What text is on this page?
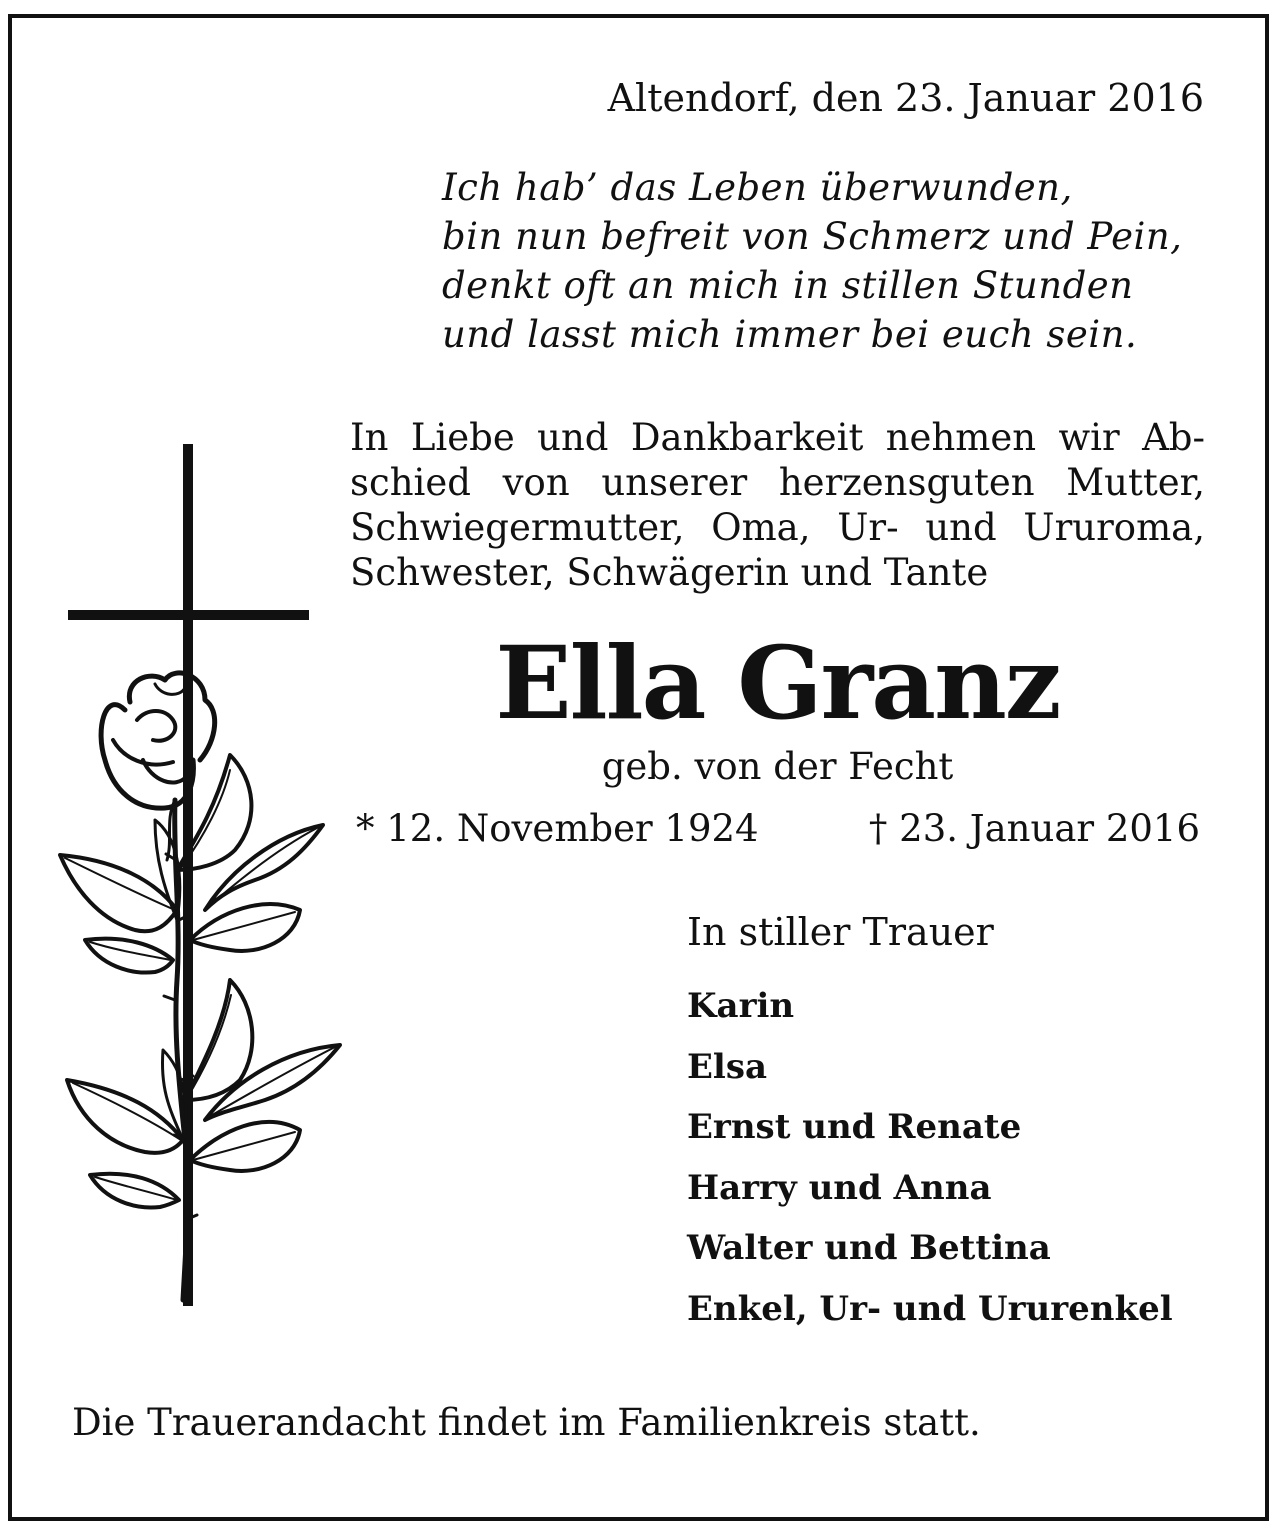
Altendorf, den 23. Januar 2016
Ich hab’ das Leben überwunden,
bin nun befreit von Schmerz und Pein,
denkt oft an mich in stillen Stunden
und lasst mich immer bei euch sein.
In Liebe und Dankbarkeit nehmen wir Ab-
schied von unserer herzensguten Mutter,
Schwiegermutter, Oma, Ur- und Ururoma,
Schwester, Schwägerin und Tante
Ella Granz
geb. von der Fecht
* 12. November 1924	† 23. Januar 2016
In stiller Trauer
Karin
Elsa
Ernst und Renate
Harry und Anna
Walter und Bettina
Enkel, Ur- und Ururenkel
Die Trauerandacht findet im Familienkreis statt.
